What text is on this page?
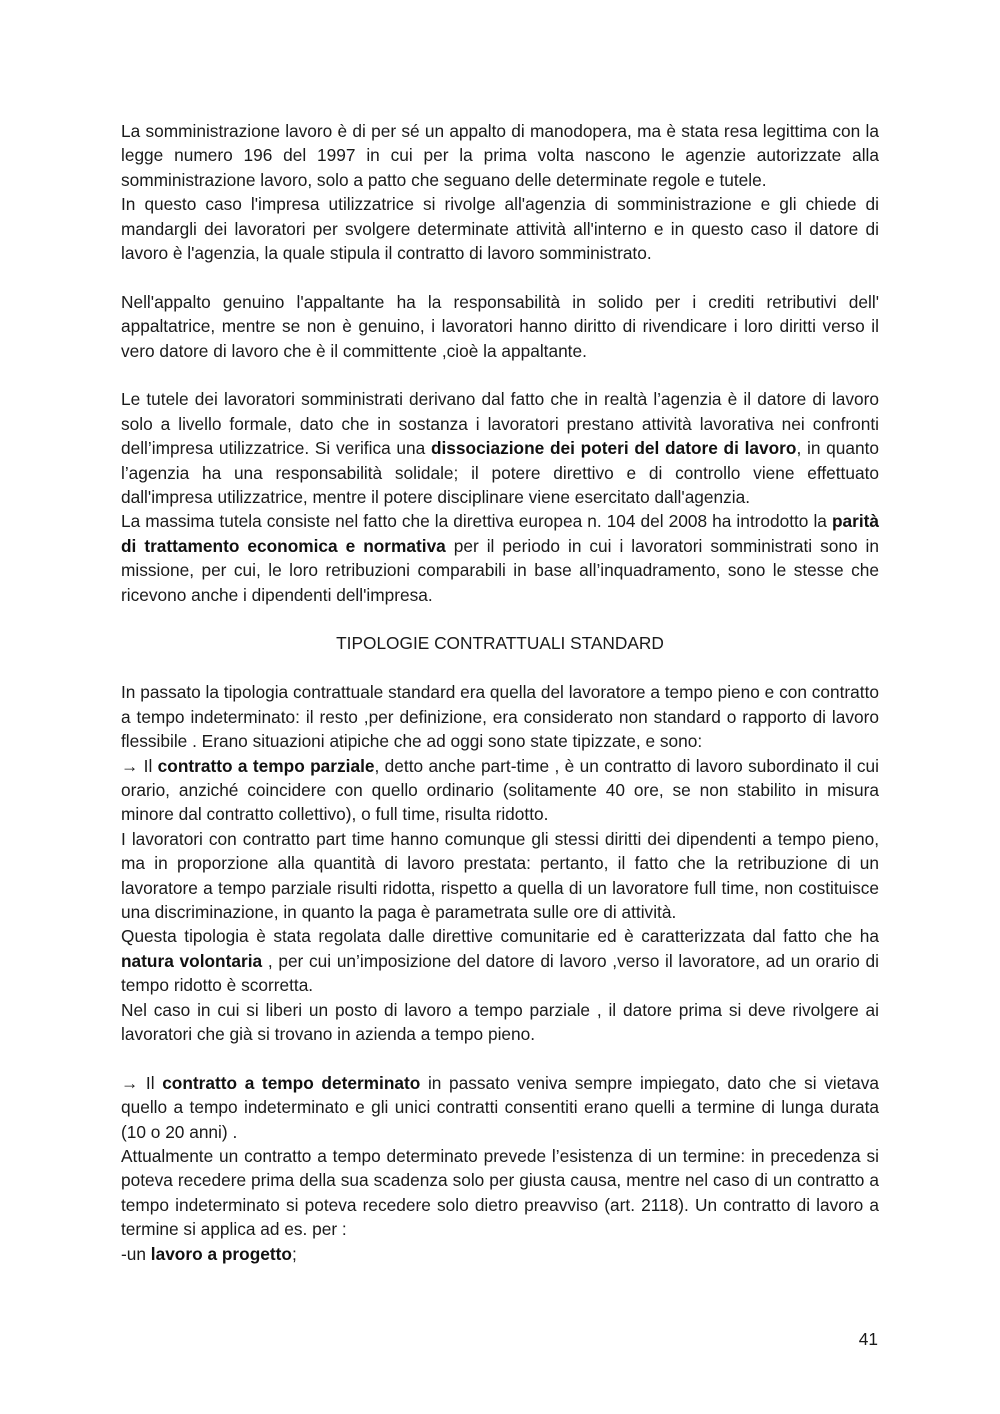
La somministrazione lavoro è di per sé un appalto di manodopera, ma è stata resa legittima con la legge numero 196 del 1997 in cui per la prima volta nascono le agenzie autorizzate alla somministrazione lavoro, solo a patto che seguano delle determinate regole e tutele.

In questo caso l'impresa utilizzatrice si rivolge all'agenzia di somministrazione e gli chiede di mandargli dei lavoratori per svolgere determinate attività all'interno e in questo caso il datore di lavoro è l'agenzia, la quale stipula il contratto di lavoro somministrato.

Nell'appalto genuino l'appaltante ha la responsabilità in solido per i crediti retributivi dell' appaltatrice, mentre se non è genuino, i lavoratori hanno diritto di rivendicare i loro diritti verso il vero datore di lavoro che è il committente ,cioè la appaltante.

Le tutele dei lavoratori somministrati derivano dal fatto che in realtà l’agenzia è il datore di lavoro solo a livello formale, dato che in sostanza i lavoratori prestano attività lavorativa nei confronti dell’impresa utilizzatrice. Si verifica una dissociazione dei poteri del datore di lavoro, in quanto l’agenzia ha una responsabilità solidale; il potere direttivo e di controllo viene effettuato dall'impresa utilizzatrice, mentre il potere disciplinare viene esercitato dall'agenzia.

La massima tutela consiste nel fatto che la direttiva europea n. 104 del 2008 ha introdotto la parità di trattamento economica e normativa per il periodo in cui i lavoratori somministrati sono in missione, per cui, le loro retribuzioni comparabili in base all’inquadramento, sono le stesse che ricevono anche i dipendenti dell'impresa.

TIPOLOGIE CONTRATTUALI STANDARD

In passato la tipologia contrattuale standard era quella del lavoratore a tempo pieno e con contratto a tempo indeterminato: il resto ,per definizione, era considerato non standard o rapporto di lavoro flessibile . Erano situazioni atipiche che ad oggi sono state tipizzate, e sono:

→ Il contratto a tempo parziale, detto anche part-time , è un contratto di lavoro subordinato il cui orario, anziché coincidere con quello ordinario (solitamente 40 ore, se non stabilito in misura minore dal contratto collettivo), o full time, risulta ridotto.

I lavoratori con contratto part time hanno comunque gli stessi diritti dei dipendenti a tempo pieno, ma in proporzione alla quantità di lavoro prestata: pertanto, il fatto che la retribuzione di un lavoratore a tempo parziale risulti ridotta, rispetto a quella di un lavoratore full time, non costituisce una discriminazione, in quanto la paga è parametrata sulle ore di attività.

Questa tipologia è stata regolata dalle direttive comunitarie ed è caratterizzata dal fatto che ha natura volontaria , per cui un’imposizione del datore di lavoro ,verso il lavoratore, ad un orario di tempo ridotto è scorretta.

Nel caso in cui si liberi un posto di lavoro a tempo parziale , il datore prima si deve rivolgere ai lavoratori che già si trovano in azienda a tempo pieno.

→ Il contratto a tempo determinato in passato veniva sempre impiegato, dato che si vietava quello a tempo indeterminato e gli unici contratti consentiti erano quelli a termine di lunga durata (10 o 20 anni) .

Attualmente un contratto a tempo determinato prevede l’esistenza di un termine: in precedenza si poteva recedere prima della sua scadenza solo per giusta causa, mentre nel caso di un contratto a tempo indeterminato si poteva recedere solo dietro preavviso (art. 2118). Un contratto di lavoro a termine si applica ad es. per :

-un lavoro a progetto;

41
